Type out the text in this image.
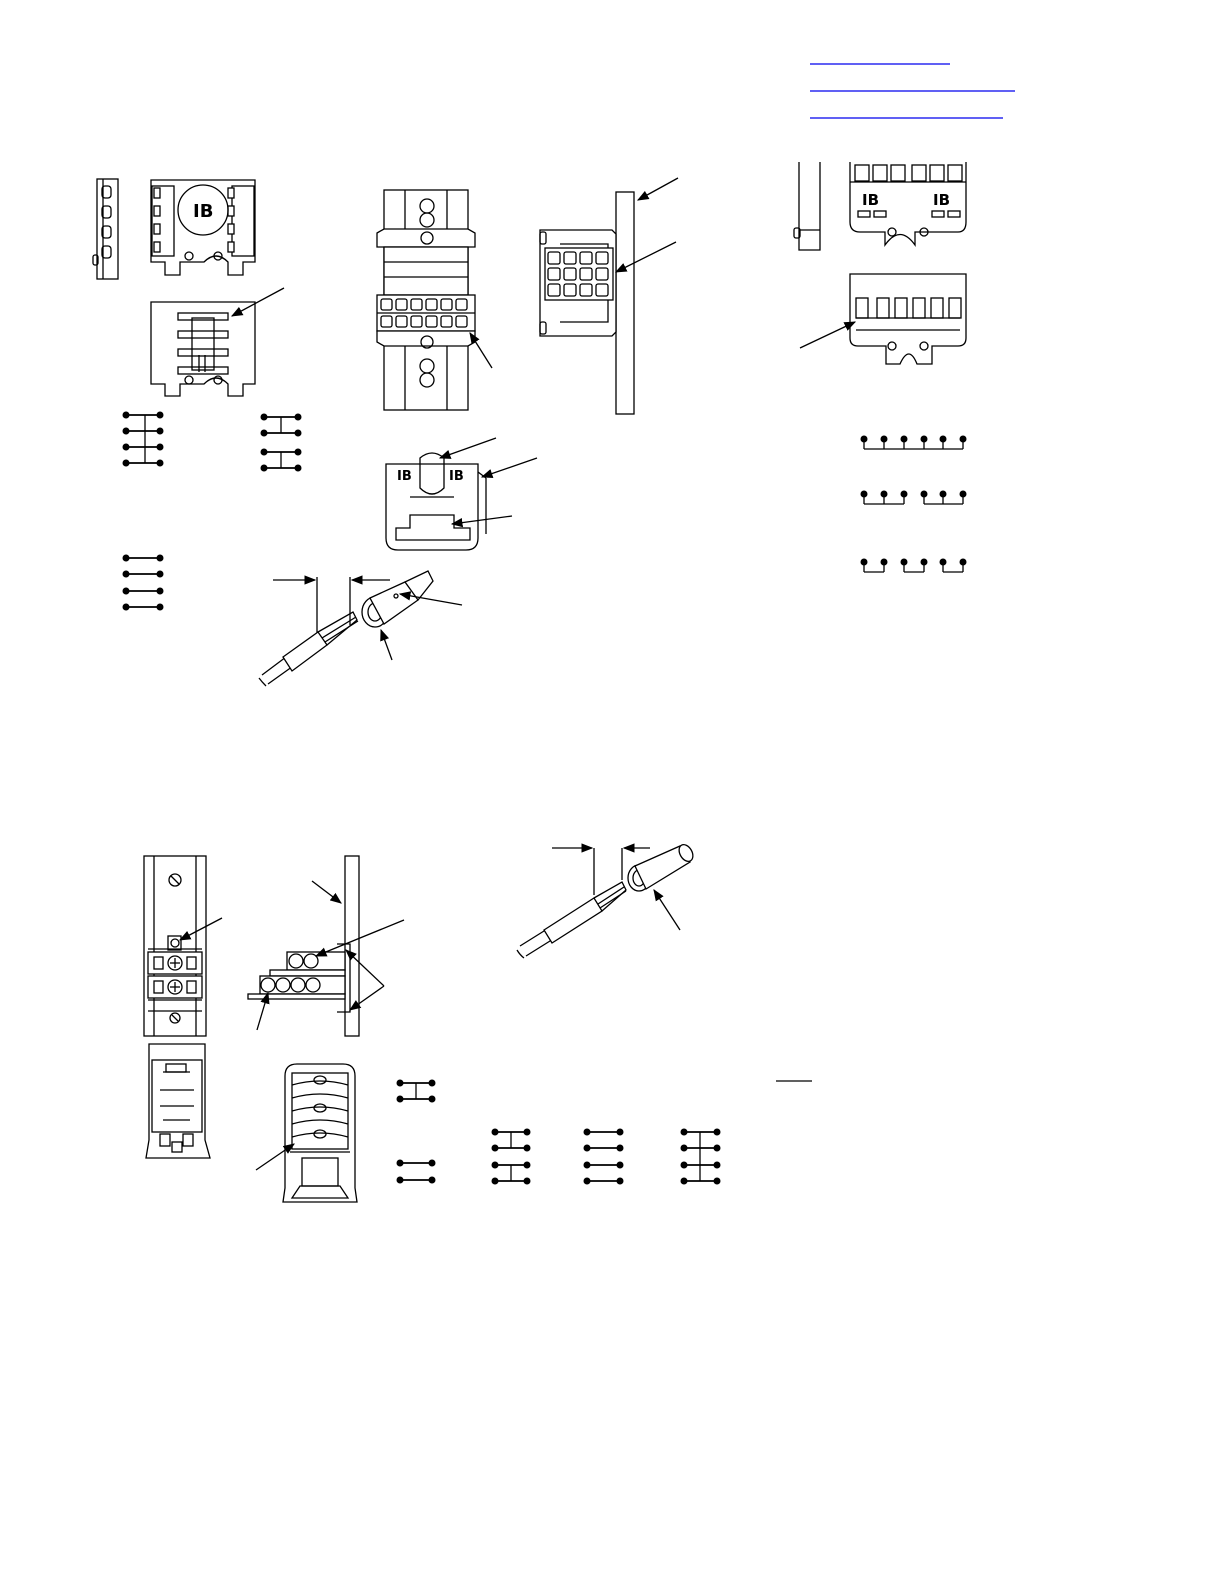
IB
IB	IB
IB	IB
